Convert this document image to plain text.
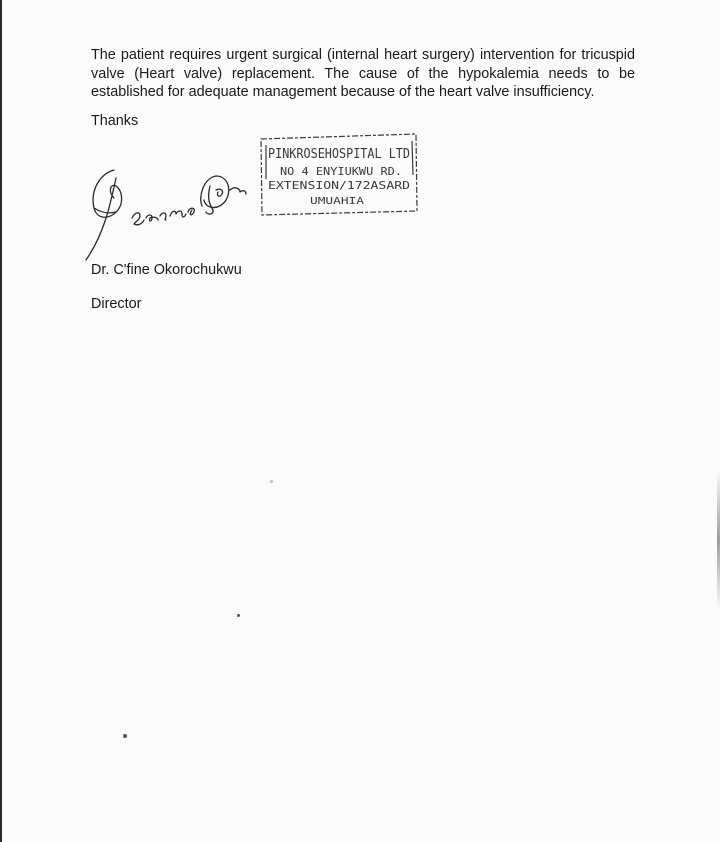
The patient requires urgent surgical (internal heart surgery) intervention for tricuspid valve (Heart valve) replacement. The cause of the hypokalemia needs to be established for adequate management because of the heart valve insufficiency.

Thanks

PINKROSEHOSPITAL LTD
NO 4 ENYIUKWU RD.
EXTENSION/172ASARD
UMUAHIA

Dr. C'fine Okorochukwu

Director
